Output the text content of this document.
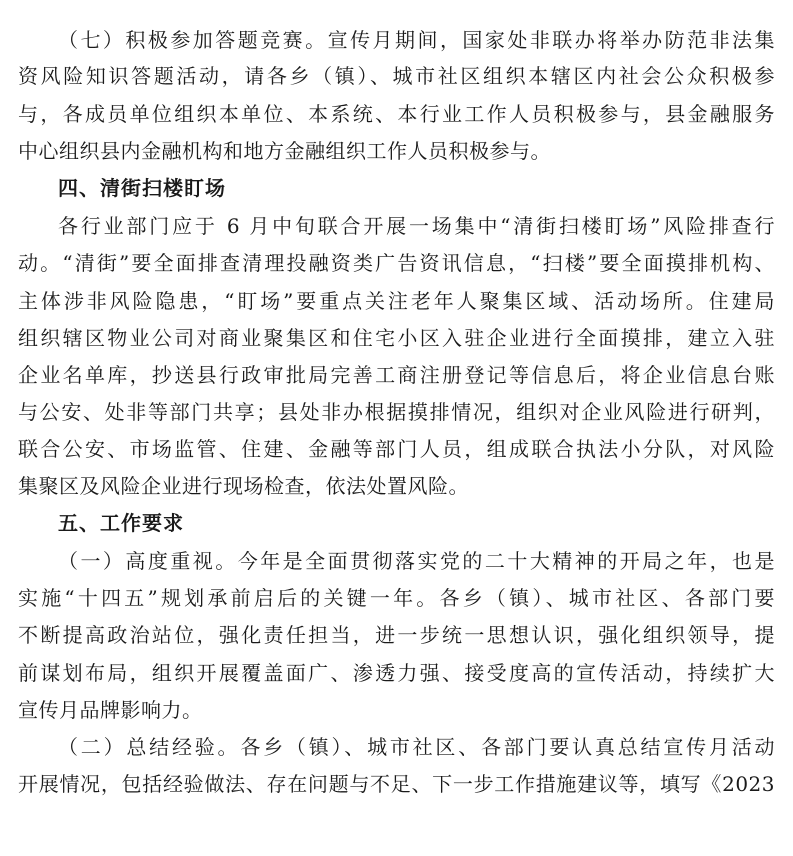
（七）积极参加答题竞赛。宣传月期间，国家处非联办将举办防范非法集
资风险知识答题活动，请各乡（镇）、城市社区组织本辖区内社会公众积极参
与，各成员单位组织本单位、本系统、本行业工作人员积极参与，县金融服务
中心组织县内金融机构和地方金融组织工作人员积极参与。
四、清街扫楼盯场
各行业部门应于 6 月中旬联合开展一场集中“清街扫楼盯场”风险排查行
动。“清街”要全面排查清理投融资类广告资讯信息，“扫楼”要全面摸排机构、
主体涉非风险隐患，“盯场”要重点关注老年人聚集区域、活动场所。住建局
组织辖区物业公司对商业聚集区和住宅小区入驻企业进行全面摸排，建立入驻
企业名单库，抄送县行政审批局完善工商注册登记等信息后，将企业信息台账
与公安、处非等部门共享；县处非办根据摸排情况，组织对企业风险进行研判，
联合公安、市场监管、住建、金融等部门人员，组成联合执法小分队，对风险
集聚区及风险企业进行现场检查，依法处置风险。
五、工作要求
（一）高度重视。今年是全面贯彻落实党的二十大精神的开局之年，也是
实施“十四五”规划承前启后的关键一年。各乡（镇）、城市社区、各部门要
不断提高政治站位，强化责任担当，进一步统一思想认识，强化组织领导，提
前谋划布局，组织开展覆盖面广、渗透力强、接受度高的宣传活动，持续扩大
宣传月品牌影响力。
（二）总结经验。各乡（镇）、城市社区、各部门要认真总结宣传月活动
开展情况，包括经验做法、存在问题与不足、下一步工作措施建议等，填写《2023
